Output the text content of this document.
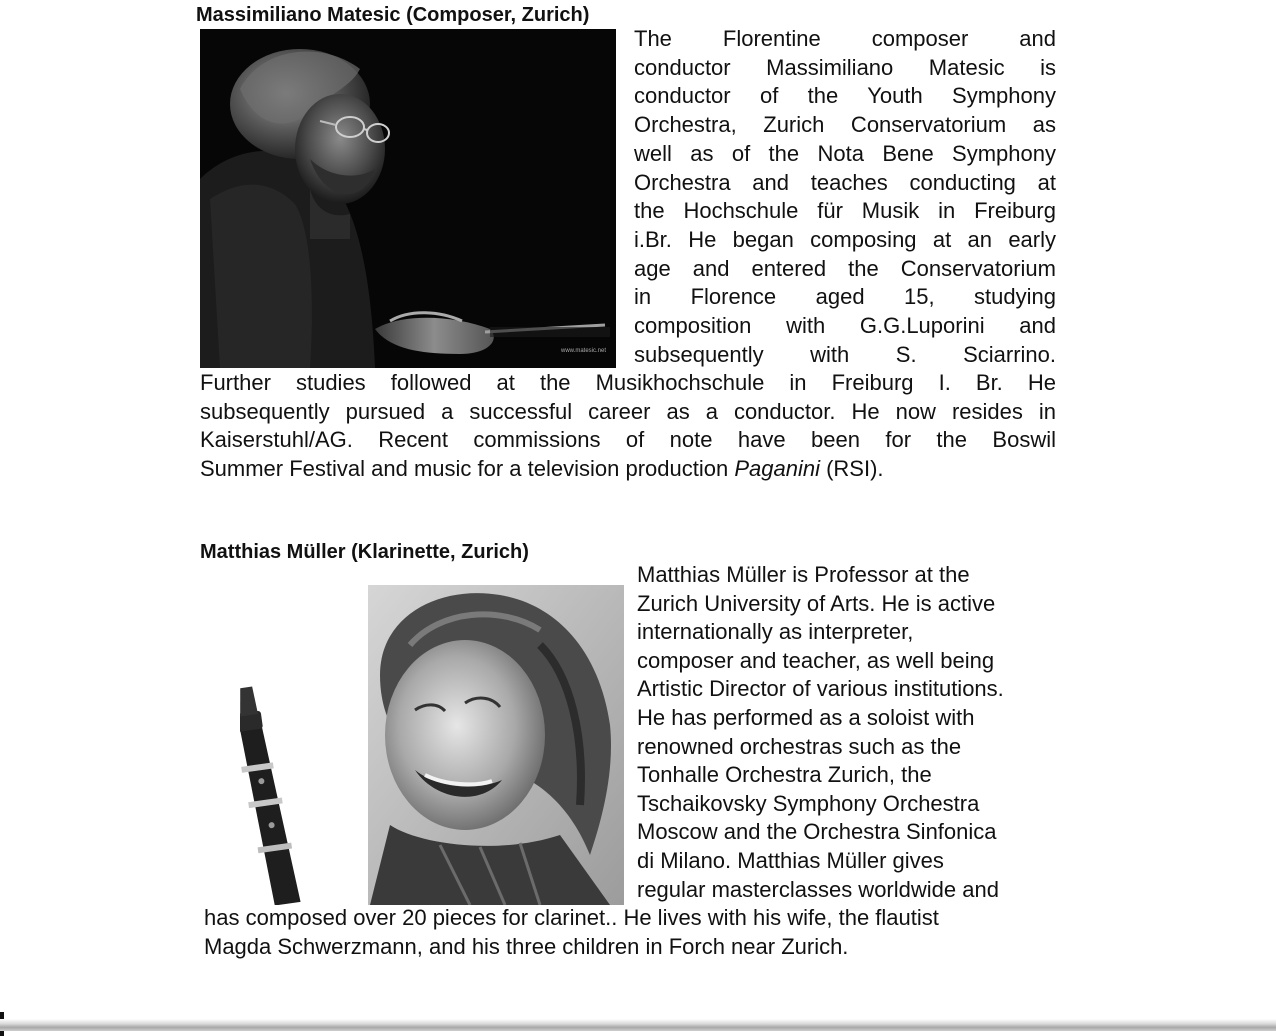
Massimiliano Matesic (Composer, Zurich)
www.matesic.net

The Florentine composer and
conductor Massimiliano Matesic is
conductor of the Youth Symphony
Orchestra, Zurich Conservatorium as
well as of the Nota Bene Symphony
Orchestra and teaches conducting at
the Hochschule für Musik in Freiburg
i.Br. He began composing at an early
age and entered the Conservatorium
in Florence aged 15, studying
composition with G.G.Luporini and
subsequently with S. Sciarrino.

Further studies followed at the Musikhochschule in Freiburg I. Br. He
subsequently pursued a successful career as a conductor. He now resides in
Kaiserstuhl/AG. Recent commissions of note have been for the Boswil
Summer Festival and music for a television production Paganini (RSI).

Matthias Müller (Klarinette, Zurich)

Matthias Müller is Professor at the
Zurich University of Arts. He is active
internationally as interpreter,
composer and teacher, as well being
Artistic Director of various institutions.
He has performed as a soloist with
renowned orchestras such as the
Tonhalle Orchestra Zurich, the
Tschaikovsky Symphony Orchestra
Moscow and the Orchestra Sinfonica
di Milano. Matthias Müller gives
regular masterclasses worldwide and

has composed over 20 pieces for clarinet.. He lives with his wife, the flautist
Magda Schwerzmann, and his three children in Forch near Zurich.
